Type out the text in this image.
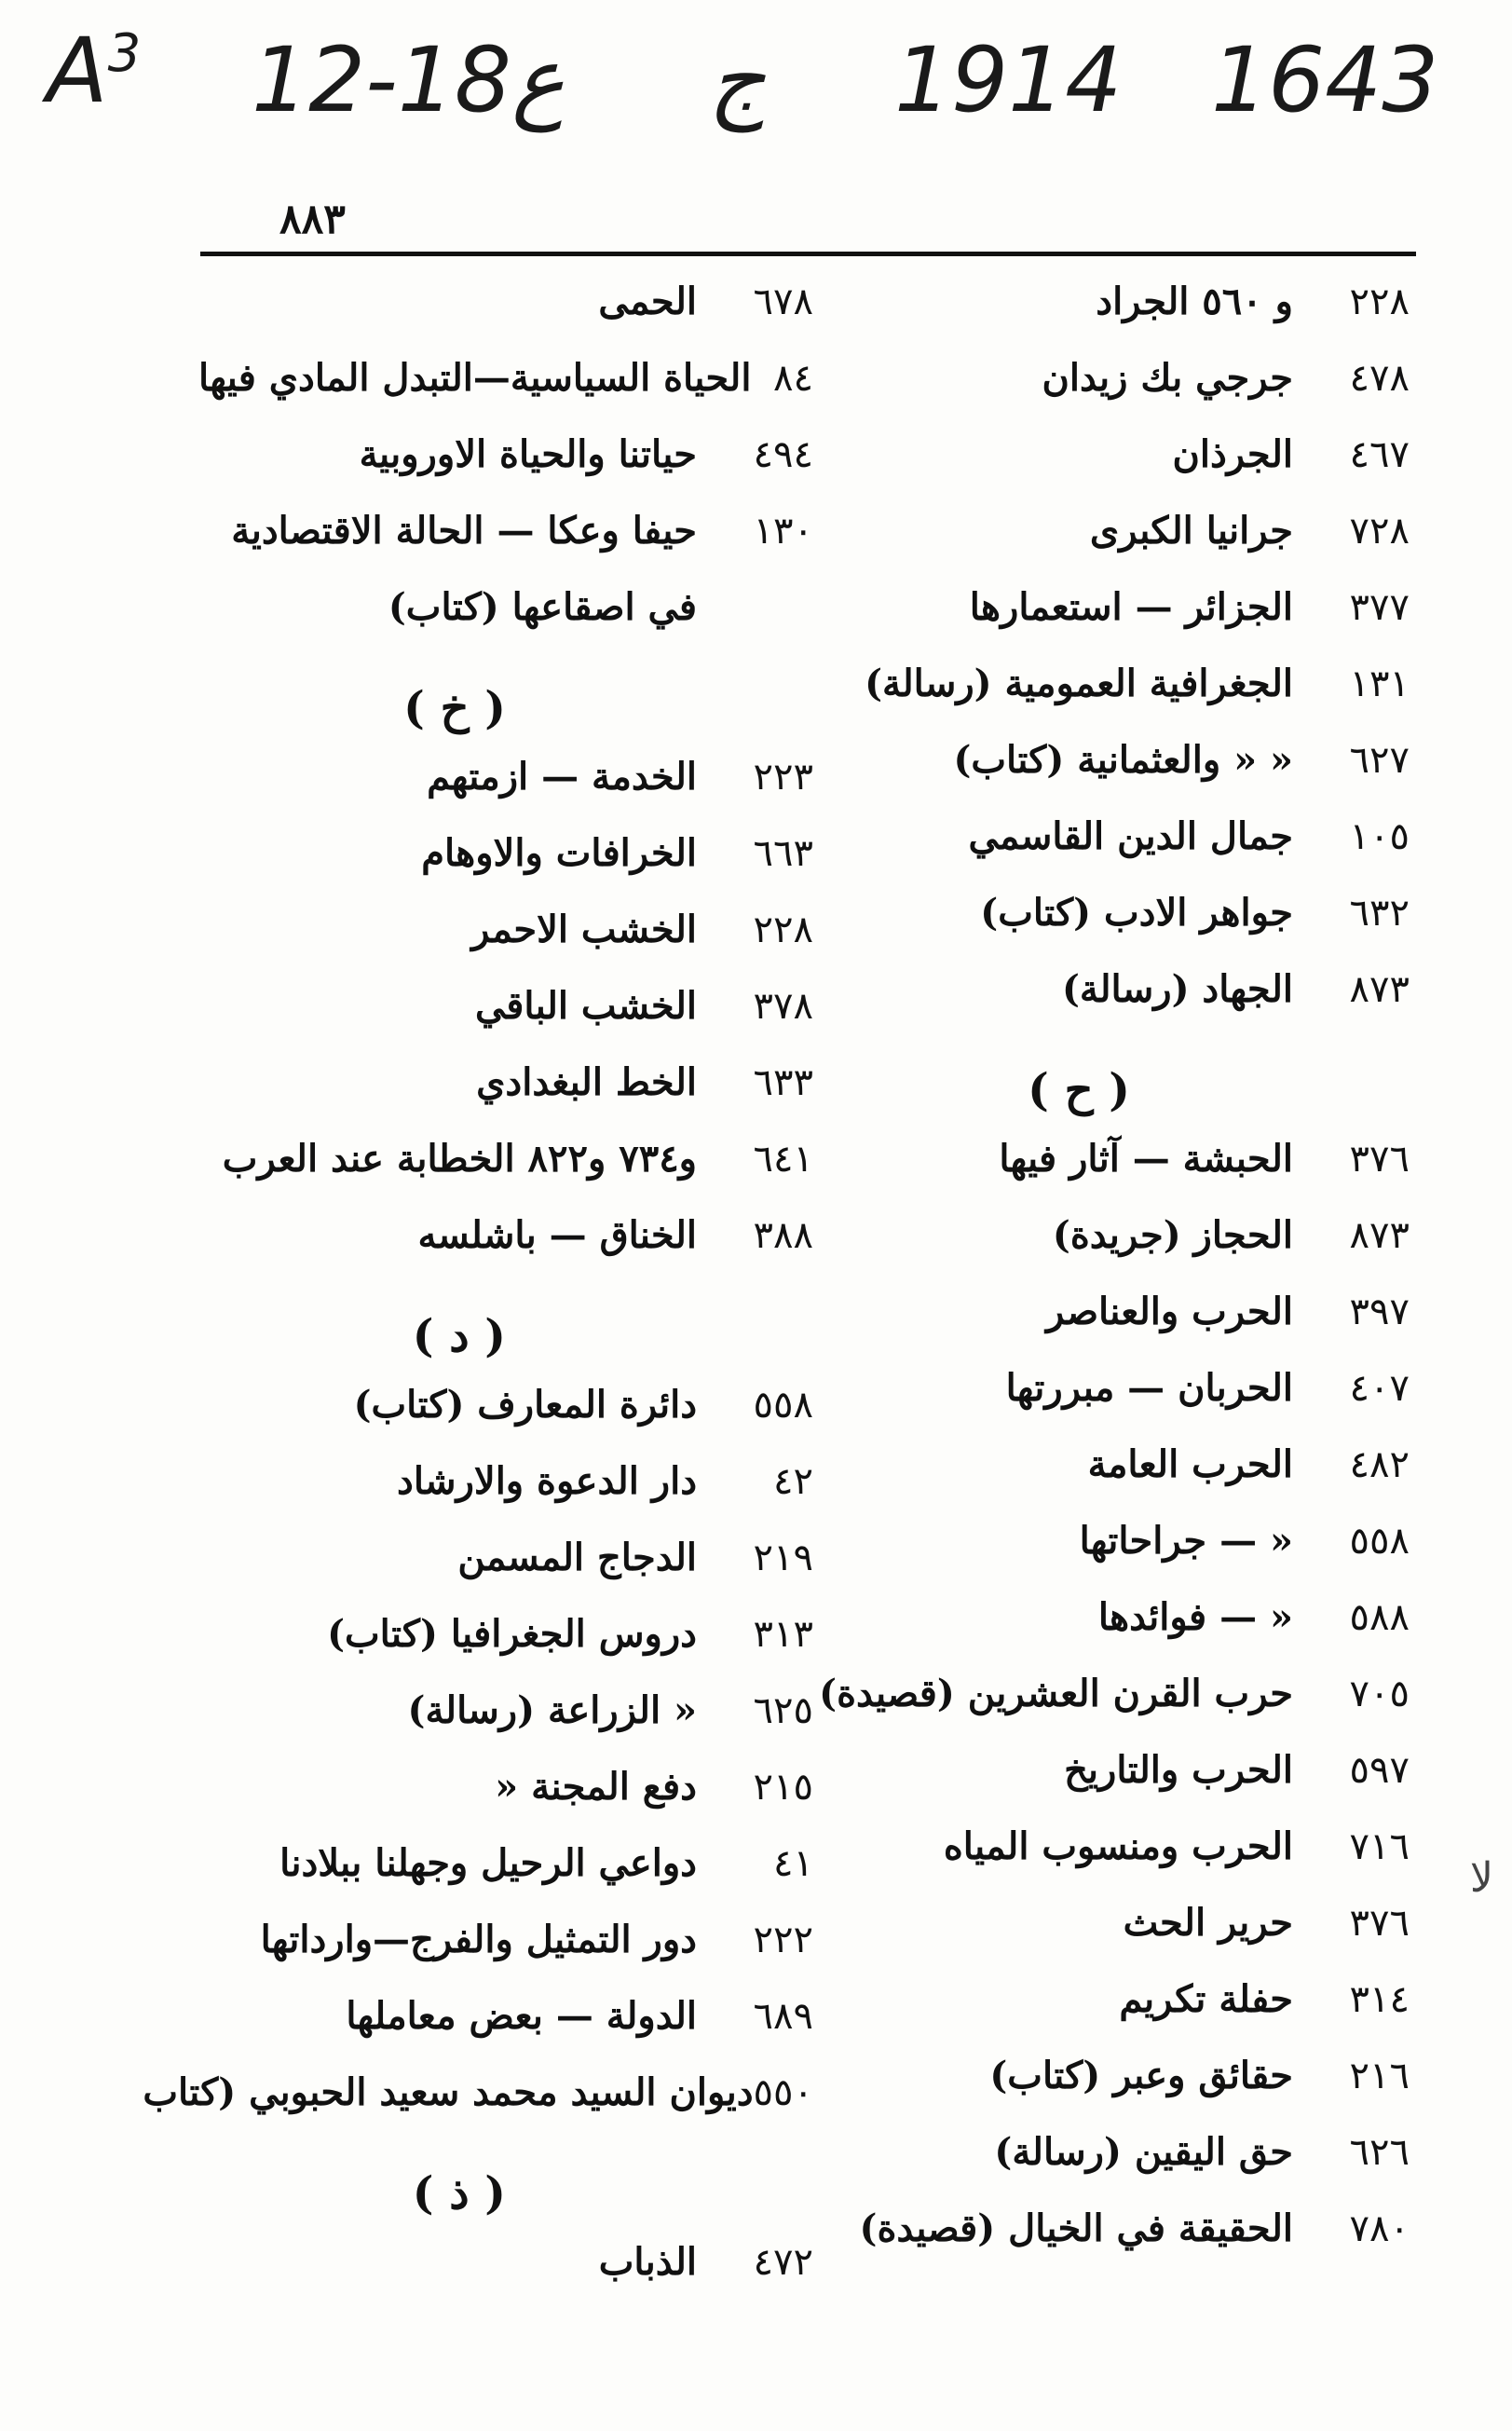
$A^3$ 12-1ع8 ج 1914 1643
٨٨٣
٢٢٨
و ٥٦٠ الجراد
٤٧٨
جرجي بك زيدان
٤٦٧
الجرذان
٧٢٨
جرانيا الكبرى
٣٧٧
الجزائر — استعمارها
١٣١
الجغرافية العمومية (رسالة)
٦٢٧
« « والعثمانية (كتاب)
١٠٥
جمال الدين القاسمي
٦٣٢
جواهر الادب (كتاب)
٨٧٣
الجهاد (رسالة)
( ح )
٣٧٦
الحبشة — آثار فيها
٨٧٣
الحجاز (جريدة)
٣٩٧
الحرب والعناصر
٤٠٧
الحربان — مبررتها
٤٨٢
الحرب العامة
٥٥٨
« — جراحاتها
٥٨٨
« — فوائدها
٧٠٥
حرب القرن العشرين (قصيدة)
٥٩٧
الحرب والتاريخ
٧١٦
الحرب ومنسوب المياه
٣٧٦
حرير الحث
٣١٤
حفلة تكريم
٢١٦
حقائق وعبر (كتاب)
٦٢٦
حق اليقين (رسالة)
٧٨٠
الحقيقة في الخيال (قصيدة)
٦٧٨
الحمى
٨٤
الحياة السياسية—التبدل المادي فيها
٤٩٤
حياتنا والحياة الاوروبية
١٣٠
حيفا وعكا — الحالة الاقتصادية
في اصقاعها (كتاب)
( خ )
٢٢٣
الخدمة — ازمتهم
٦٦٣
الخرافات والاوهام
٢٢٨
الخشب الاحمر
٣٧٨
الخشب الباقي
٦٣٣
الخط البغدادي
٦٤١
و٧٣٤ و٨٢٢ الخطابة عند العرب
٣٨٨
الخناق — باشلسه
( د )
٥٥٨
دائرة المعارف (كتاب)
٤٢
دار الدعوة والارشاد
٢١٩
الدجاج المسمن
٣١٣
دروس الجغرافيا (كتاب)
٦٢٥
« الزراعة (رسالة)
٢١٥
دفع المجنة «
٤١
دواعي الرحيل وجهلنا ببلادنا
٢٢٢
دور التمثيل والفرج—وارداتها
٦٨٩
الدولة — بعض معاملها
٥٥٠
ديوان السيد محمد سعيد الحبوبي (كتاب
( ذ )
٤٧٢
الذباب
ﻻ
